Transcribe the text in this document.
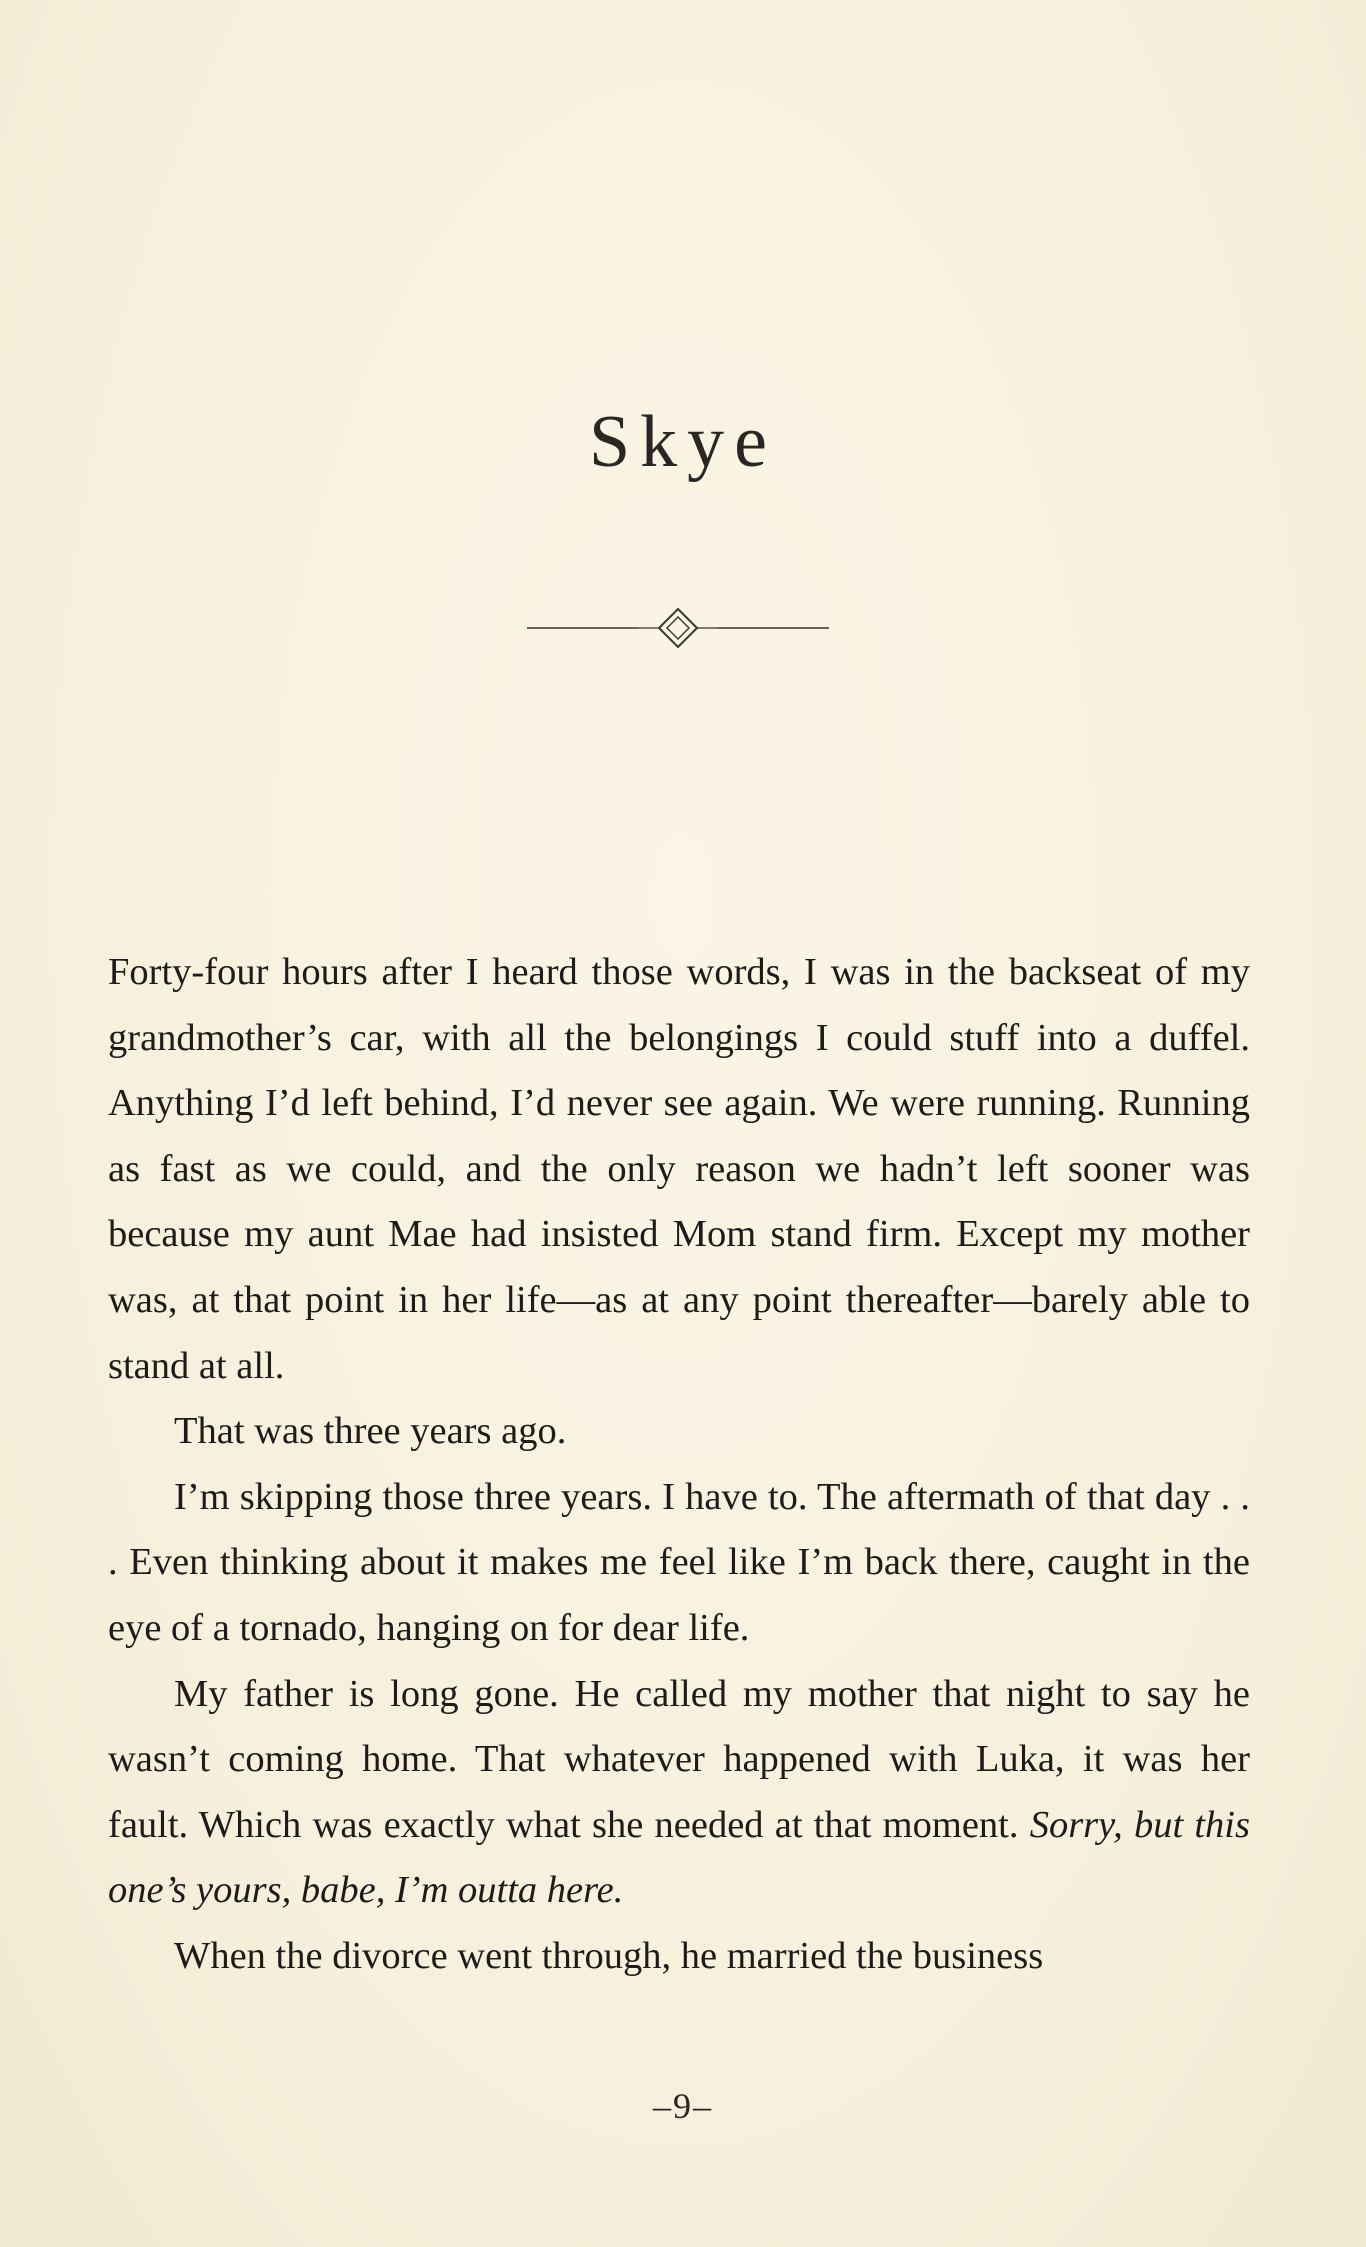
Skye

Forty-four hours after I heard those words, I was in the backseat of my grandmother’s car, with all the belongings I could stuff into a duffel. Anything I’d left behind, I’d never see again. We were running. Running as fast as we could, and the only reason we hadn’t left sooner was because my aunt Mae had insisted Mom stand firm. Except my mother was, at that point in her life—as at any point thereafter—barely able to stand at all.

That was three years ago.

I’m skipping those three years. I have to. The aftermath of that day . . . Even thinking about it makes me feel like I’m back there, caught in the eye of a tornado, hanging on for dear life.

My father is long gone. He called my mother that night to say he wasn’t coming home. That whatever happened with Luka, it was her fault. Which was exactly what she needed at that moment. Sorry, but this one’s yours, babe, I’m outta here.

When the divorce went through, he married the business

–9–
